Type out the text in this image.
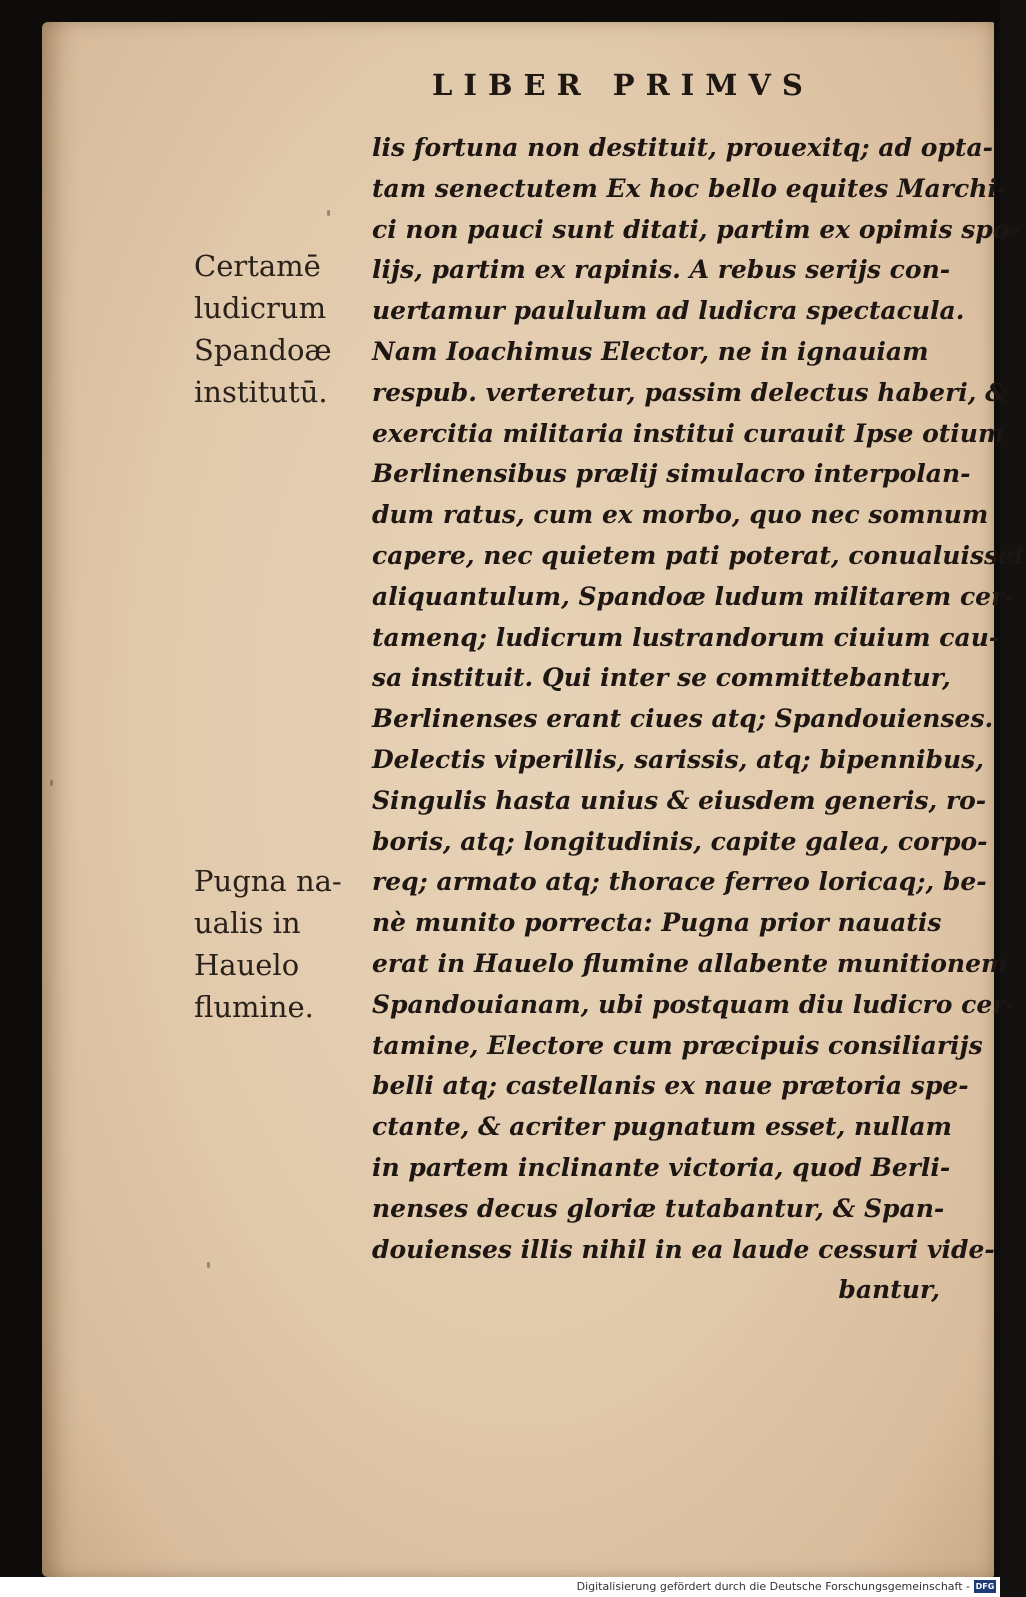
LIBER PRIMVS
Certamē
ludicrum
Spandoæ
institutū.
Pugna na-
ualis in
Hauelo
flumine.
lis fortuna non destituit, prouexitq; ad opta-
tam senectutem Ex hoc bello equites Marchi-
ci non pauci sunt ditati, partim ex opimis spo-
lijs, partim ex rapinis. A rebus serijs con-
uertamur paululum ad ludicra spectacula.
Nam Ioachimus Elector, ne in ignauiam
respub. verteretur, passim delectus haberi, &
exercitia militaria institui curauit Ipse otium
Berlinensibus prælij simulacro interpolan-
dum ratus, cum ex morbo, quo nec somnum
capere, nec quietem pati poterat, conualuisset
aliquantulum, Spandoæ ludum militarem cer-
tamenq; ludicrum lustrandorum ciuium cau-
sa instituit. Qui inter se committebantur,
Berlinenses erant ciues atq; Spandouienses.
Delectis viperillis, sarissis, atq; bipennibus,
Singulis hasta unius & eiusdem generis, ro-
boris, atq; longitudinis, capite galea, corpo-
req; armato atq; thorace ferreo loricaq;, be-
nè munito porrecta: Pugna prior nauatis
erat in Hauelo flumine allabente munitionem
Spandouianam, ubi postquam diu ludicro cer-
tamine, Electore cum præcipuis consiliarijs
belli atq; castellanis ex naue prætoria spe-
ctante, & acriter pugnatum esset, nullam
in partem inclinante victoria, quod Berli-
nenses decus gloriæ tutabantur, & Span-
douienses illis nihil in ea laude cessuri vide-
bantur,
Digitalisierung gefördert durch die Deutsche Forschungsgemeinschaft - DFG
